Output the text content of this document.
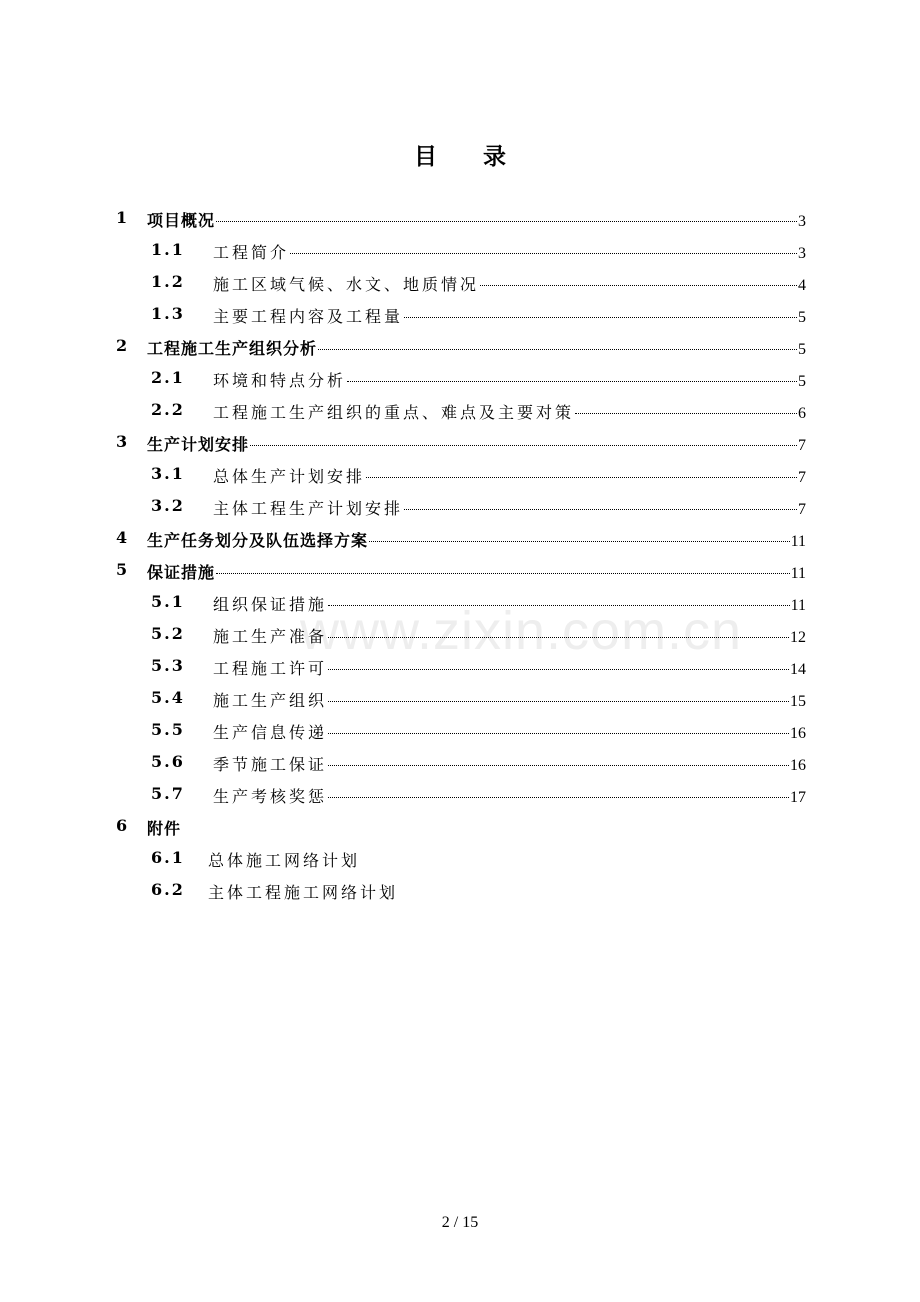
目 录
www.zixin.com.cn
1 项目概况	3
1.1 工程简介	3
1.2 施工区域气候、水文、地质情况	4
1.3 主要工程内容及工程量	5
2 工程施工生产组织分析	5
2.1 环境和特点分析	5
2.2 工程施工生产组织的重点、难点及主要对策	6
3 生产计划安排	7
3.1 总体生产计划安排	7
3.2 主体工程生产计划安排	7
4 生产任务划分及队伍选择方案	11
5 保证措施	11
5.1 组织保证措施	11
5.2 施工生产准备	12
5.3 工程施工许可	14
5.4 施工生产组织	15
5.5 生产信息传递	16
5.6 季节施工保证	16
5.7 生产考核奖惩	17
6 附件
6.1 总体施工网络计划
6.2 主体工程施工网络计划
2 / 15
